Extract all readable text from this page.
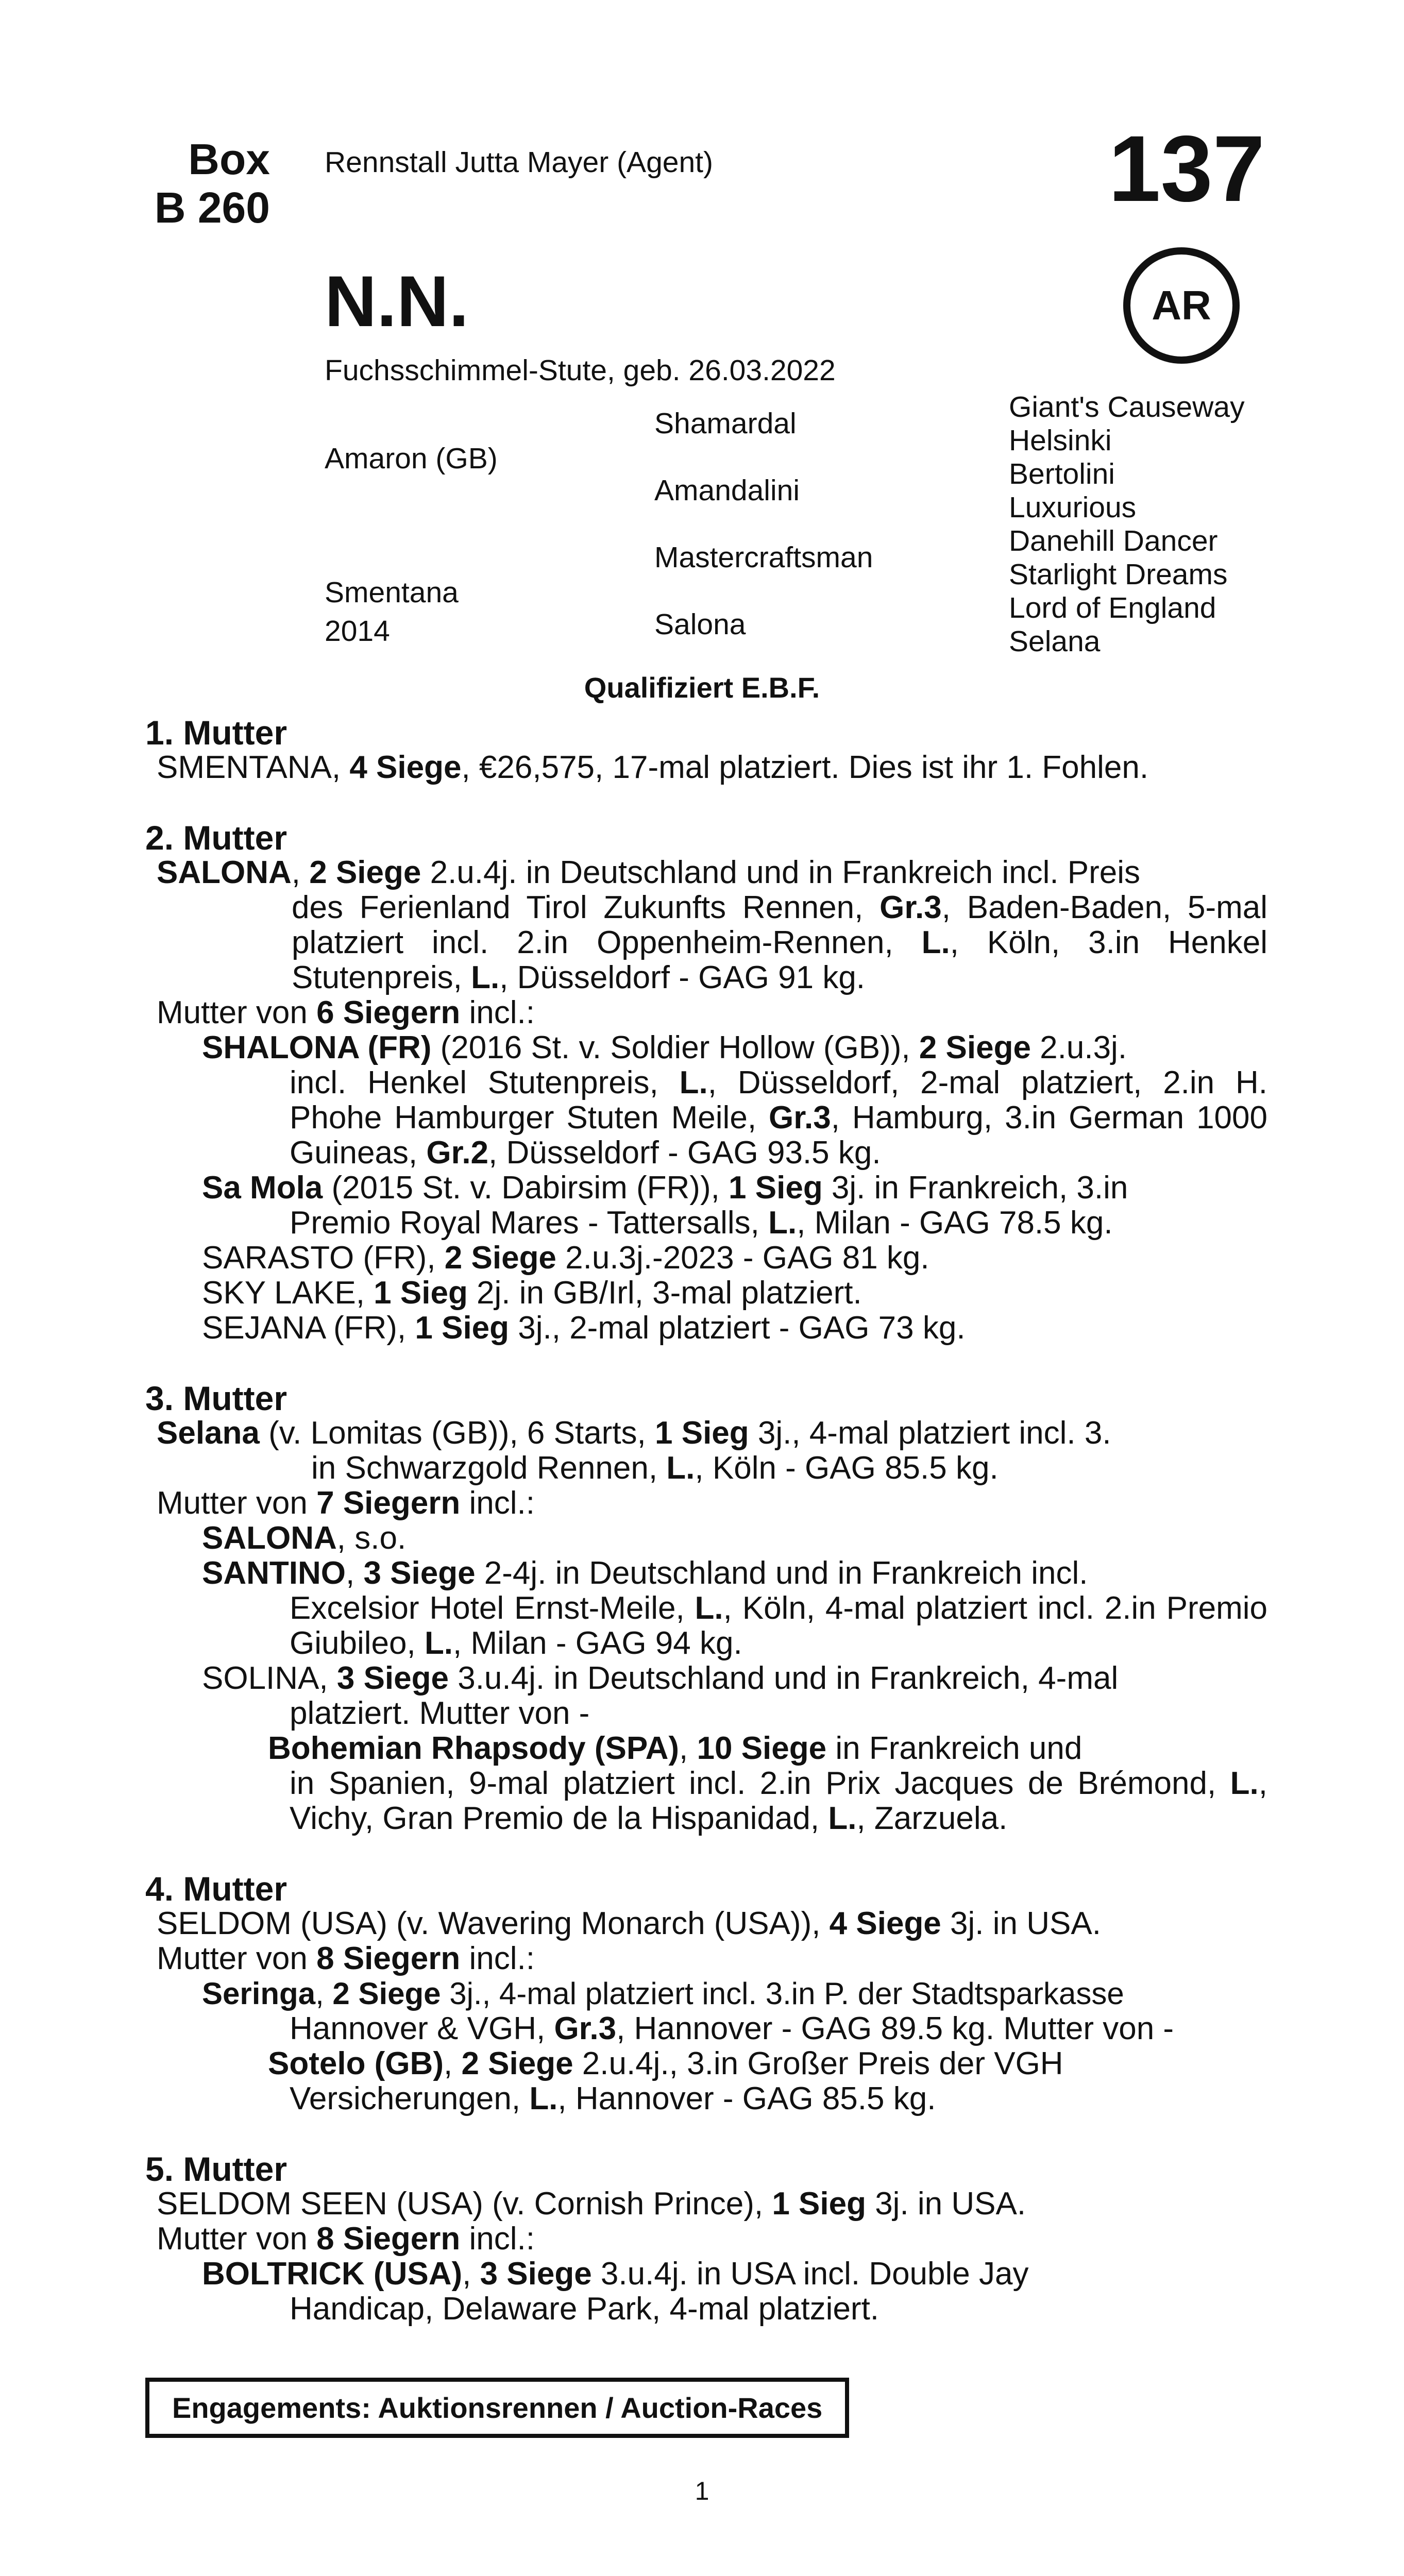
Box
B 260
Rennstall Jutta Mayer (Agent)	137
AR
N.N.
Fuchsschimmel-Stute, geb. 26.03.2022
Amaron (GB)
Smentana
2014
Shamardal
Amandalini
Mastercraftsman
Salona
Giant's Causeway
Helsinki
Bertolini
Luxurious
Danehill Dancer
Starlight Dreams
Lord of England
Selana
Qualifiziert E.B.F.
1. Mutter
SMENTANA, 4 Siege, €26,575, 17-mal platziert. Dies ist ihr 1. Fohlen.
2. Mutter
SALONA, 2 Siege 2.u.4j. in Deutschland und in Frankreich incl. Preis
des Ferienland Tirol Zukunfts Rennen, Gr.3, Baden-Baden, 5-mal platziert incl. 2.in Oppenheim-Rennen, L., Köln, 3.in Henkel Stutenpreis, L., Düsseldorf - GAG 91 kg.
Mutter von 6 Siegern incl.:
SHALONA (FR) (2016 St. v. Soldier Hollow (GB)), 2 Siege 2.u.3j.
incl. Henkel Stutenpreis, L., Düsseldorf, 2-mal platziert, 2.in H. Phohe Hamburger Stuten Meile, Gr.3, Hamburg, 3.in German 1000 Guineas, Gr.2, Düsseldorf - GAG 93.5 kg.
Sa Mola (2015 St. v. Dabirsim (FR)), 1 Sieg 3j. in Frankreich, 3.in
Premio Royal Mares - Tattersalls, L., Milan - GAG 78.5 kg.
SARASTO (FR), 2 Siege 2.u.3j.-2023 - GAG 81 kg.
SKY LAKE, 1 Sieg 2j. in GB/Irl, 3-mal platziert.
SEJANA (FR), 1 Sieg 3j., 2-mal platziert - GAG 73 kg.
3. Mutter
Selana (v. Lomitas (GB)), 6 Starts, 1 Sieg 3j., 4-mal platziert incl. 3.
in Schwarzgold Rennen, L., Köln - GAG 85.5 kg.
Mutter von 7 Siegern incl.:
SALONA, s.o.
SANTINO, 3 Siege 2-4j. in Deutschland und in Frankreich incl.
Excelsior Hotel Ernst-Meile, L., Köln, 4-mal platziert incl. 2.in Premio Giubileo, L., Milan - GAG 94 kg.
SOLINA, 3 Siege 3.u.4j. in Deutschland und in Frankreich, 4-mal
platziert. Mutter von -
Bohemian Rhapsody (SPA), 10 Siege in Frankreich und
in Spanien, 9-mal platziert incl. 2.in Prix Jacques de Brémond, L., Vichy, Gran Premio de la Hispanidad, L., Zarzuela.
4. Mutter
SELDOM (USA) (v. Wavering Monarch (USA)), 4 Siege 3j. in USA.
Mutter von 8 Siegern incl.:
Seringa, 2 Siege 3j., 4-mal platziert incl. 3.in P. der Stadtsparkasse
Hannover & VGH, Gr.3, Hannover - GAG 89.5 kg. Mutter von -
Sotelo (GB), 2 Siege 2.u.4j., 3.in Großer Preis der VGH
Versicherungen, L., Hannover - GAG 85.5 kg.
5. Mutter
SELDOM SEEN (USA) (v. Cornish Prince), 1 Sieg 3j. in USA.
Mutter von 8 Siegern incl.:
BOLTRICK (USA), 3 Siege 3.u.4j. in USA incl. Double Jay
Handicap, Delaware Park, 4-mal platziert.
Engagements: Auktionsrennen / Auction-Races
1
